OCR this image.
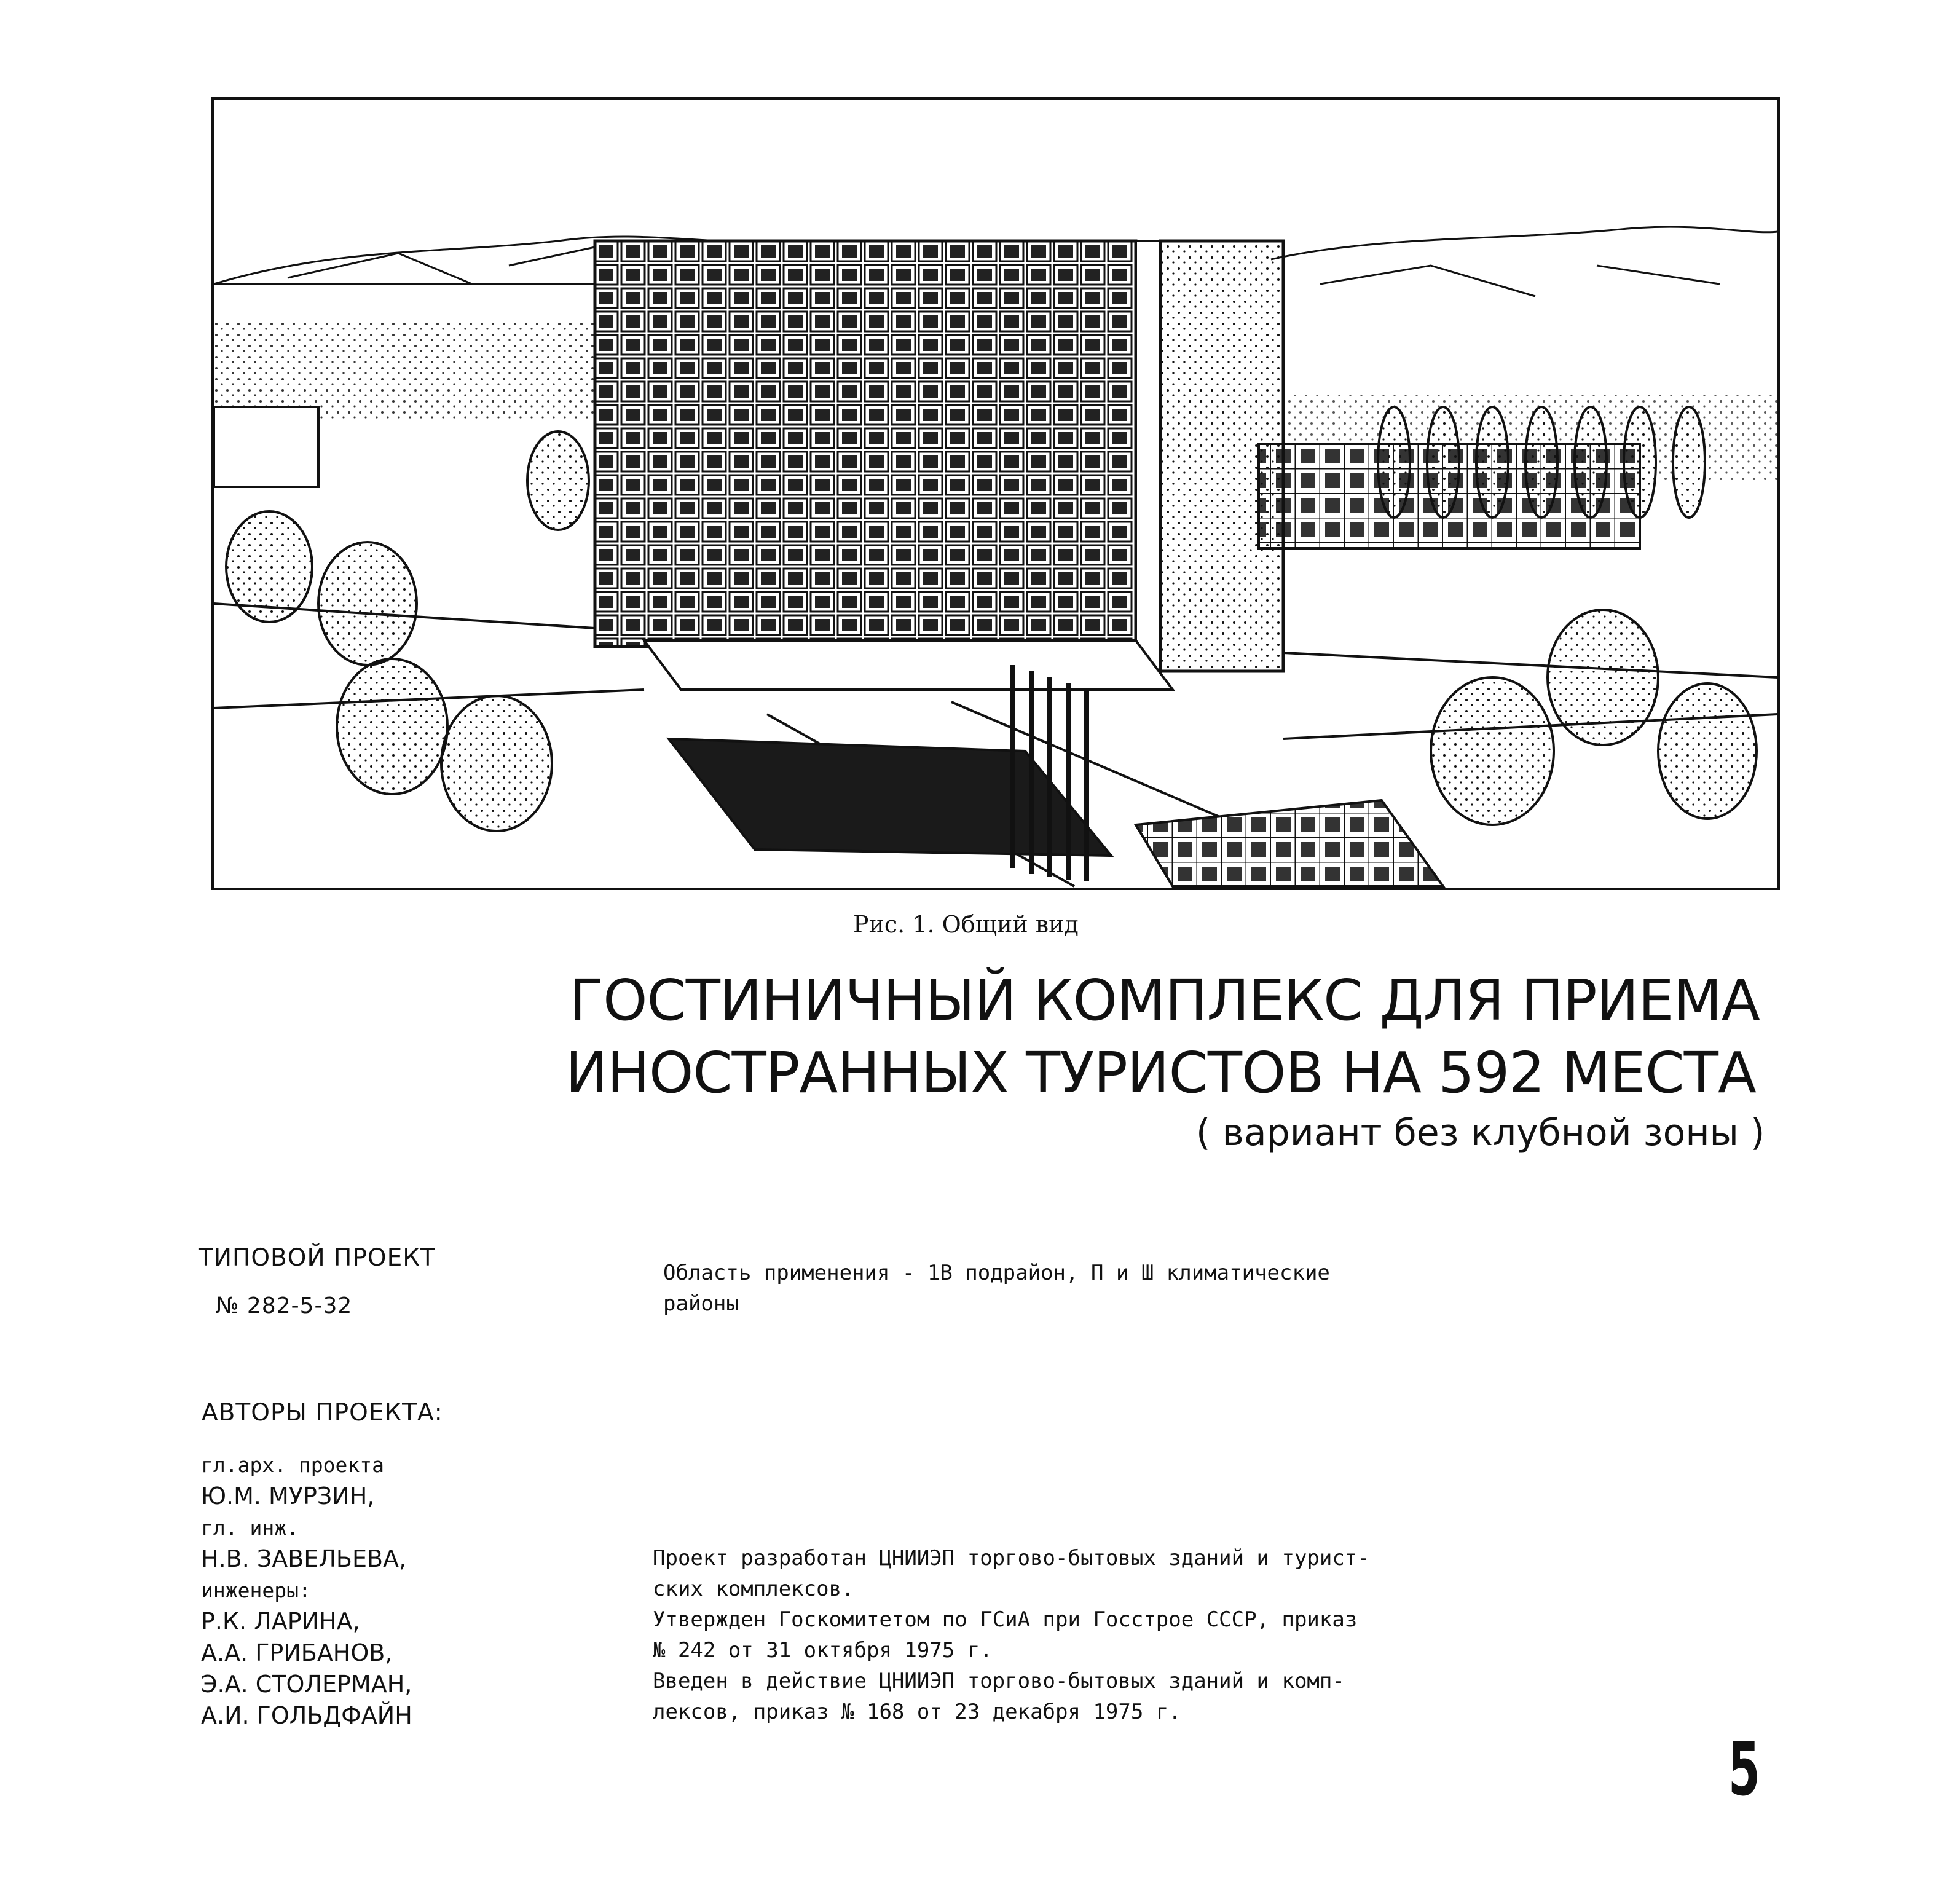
Рис. 1. Общий вид
ГОСТИНИЧНЫЙ КОМПЛЕКС ДЛЯ ПРИЕМА
ИНОСТРАННЫХ ТУРИСТОВ НА 592 МЕСТА
( вариант без клубной зоны )
ТИПОВОЙ ПРОЕКТ
№ 282-5-32
АВТОРЫ ПРОЕКТА:
гл.арх. проекта
Ю.М. МУРЗИН,
гл. инж.
Н.В. ЗАВЕЛЬЕВА,
инженеры:
Р.К. ЛАРИНА,
А.А. ГРИБАНОВ,
Э.А. СТОЛЕРМАН,
А.И. ГОЛЬДФАЙН
Область применения - 1В подрайон, П и Ш климатические
районы
Проект разработан ЦНИИЭП торгово-бытовых зданий и турист-
ских комплексов.
Утвержден Госкомитетом по ГСиА при Госстрое СССР, приказ
№ 242 от 31 октября 1975 г.
Введен в действие ЦНИИЭП торгово-бытовых зданий и комп-
лексов, приказ № 168 от 23 декабря 1975 г.
5
